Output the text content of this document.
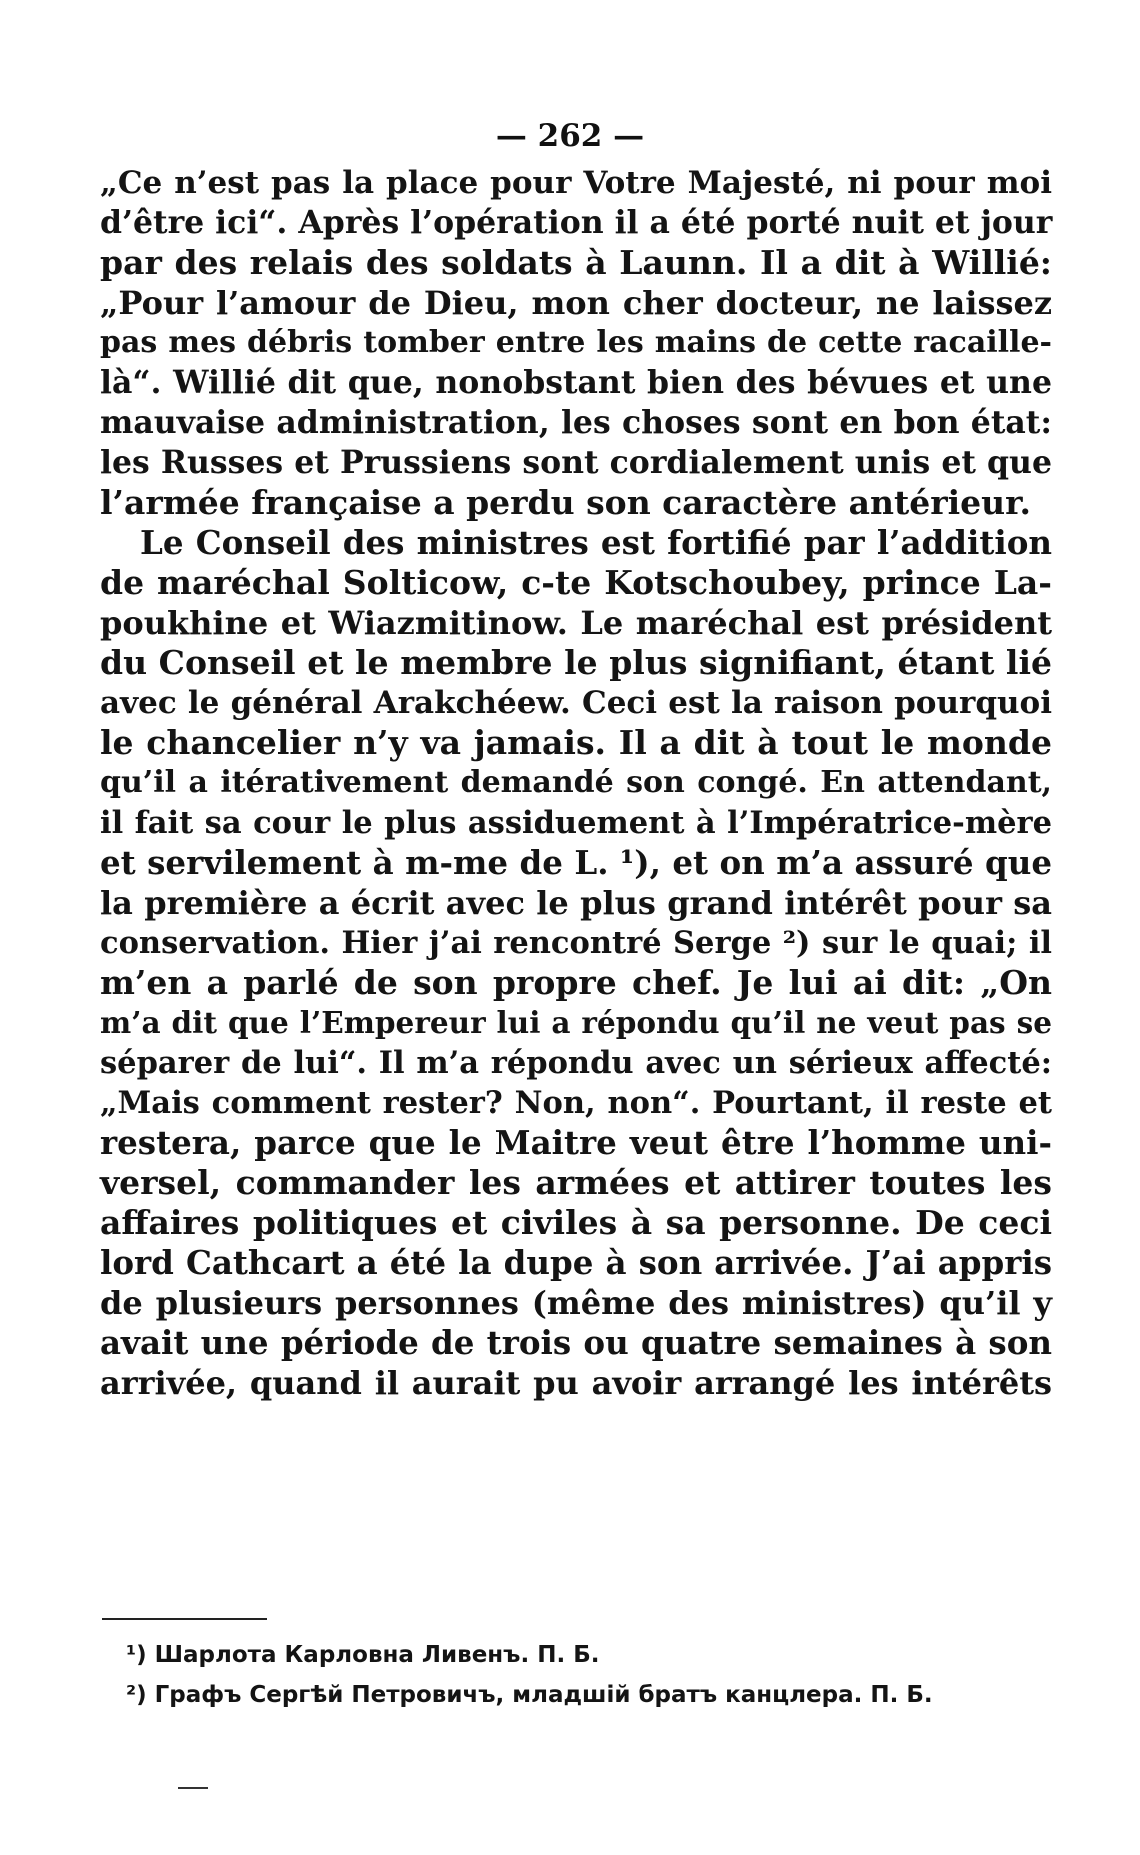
— 262 —
„Ce n’est pas la place pour Votre Majesté, ni pour moi
d’être ici“. Après l’opération il a été porté nuit et jour
par des relais des soldats à Launn. Il a dit à Willié:
„Pour l’amour de Dieu, mon cher docteur, ne laissez
pas mes débris tomber entre les mains de cette racaille-
là“. Willié dit que, nonobstant bien des bévues et une
mauvaise administration, les choses sont en bon état:
les Russes et Prussiens sont cordialement unis et que
l’armée française a perdu son caractère antérieur.
Le Conseil des ministres est fortifié par l’addition
de maréchal Solticow, c-te Kotschoubey, prince La-
poukhine et Wiazmitinow. Le maréchal est président
du Conseil et le membre le plus signifiant, étant lié
avec le général Arakchéew. Ceci est la raison pourquoi
le chancelier n’y va jamais. Il a dit à tout le monde
qu’il a itérativement demandé son congé. En attendant,
il fait sa cour le plus assiduement à l’Impératrice-mère
et servilement à m-me de L. ¹), et on m’a assuré que
la première a écrit avec le plus grand intérêt pour sa
conservation. Hier j’ai rencontré Serge ²) sur le quai; il
m’en a parlé de son propre chef. Je lui ai dit: „On
m’a dit que l’Empereur lui a répondu qu’il ne veut pas se
séparer de lui“. Il m’a répondu avec un sérieux affecté:
„Mais comment rester? Non, non“. Pourtant, il reste et
restera, parce que le Maitre veut être l’homme uni-
versel, commander les armées et attirer toutes les
affaires politiques et civiles à sa personne. De ceci
lord Cathcart a été la dupe à son arrivée. J’ai appris
de plusieurs personnes (même des ministres) qu’il y
avait une période de trois ou quatre semaines à son
arrivée, quand il aurait pu avoir arrangé les intérêts
¹) Шарлота Карловна Ливенъ. П. Б.
²) Графъ Сергѣй Петровичъ, младшій братъ канцлера. П. Б.
